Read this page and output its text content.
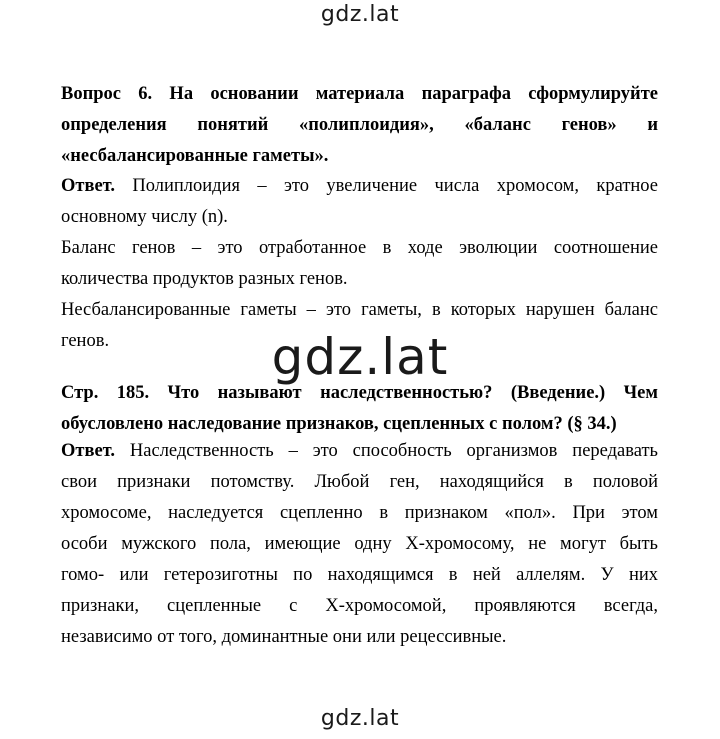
gdz.lat
Вопрос 6. На основании материала параграфа сформулируйте
определения понятий «полиплоидия», «баланс генов» и
«несбалансированные гаметы».
Ответ. Полиплоидия – это увеличение числа хромосом, кратное
основному числу (n).
Баланс генов – это отработанное в ходе эволюции соотношение
количества продуктов разных генов.
Несбалансированные гаметы – это гаметы, в которых нарушен баланс
генов.	gdz.lat
Стр. 185. Что называют наследственностью? (Введение.) Чем
обусловлено наследование признаков, сцепленных с полом? (§ 34.)
Ответ. Наследственность – это способность организмов передавать
свои признаки потомству. Любой ген, находящийся в половой
хромосоме, наследуется сцепленно в признаком «пол». При этом
особи мужского пола, имеющие одну Х-хромосому, не могут быть
гомо- или гетерозиготны по находящимся в ней аллелям. У них
признаки, сцепленные с Х-хромосомой, проявляются всегда,
независимо от того, доминантные они или рецессивные.
gdz.lat
